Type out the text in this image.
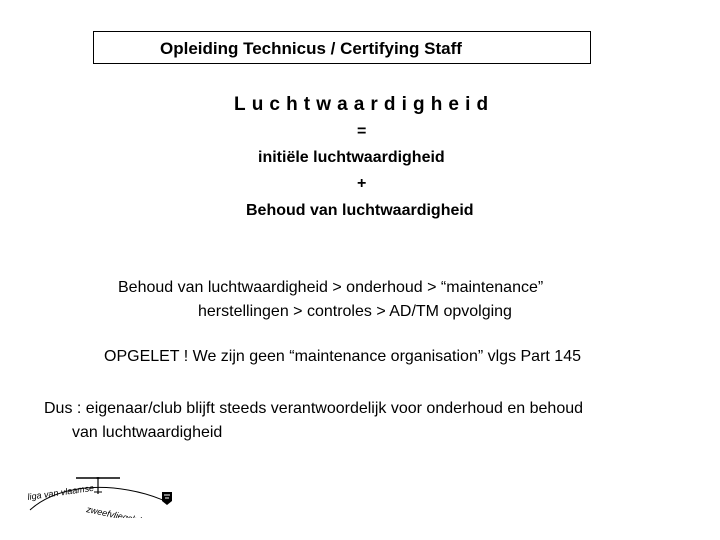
Opleiding Technicus / Certifying Staff
Luchtwaardigheid
=
initiële luchtwaardigheid
+
Behoud van luchtwaardigheid
Behoud van luchtwaardigheid > onderhoud > “maintenance”
herstellingen > controles > AD/TM opvolging
OPGELET ! We zijn geen “maintenance organisation” vlgs Part 145
Dus : eigenaar/club blijft steeds verantwoordelijk voor onderhoud en behoud
van luchtwaardigheid
liga van vlaamse
zweefvliegclubs
